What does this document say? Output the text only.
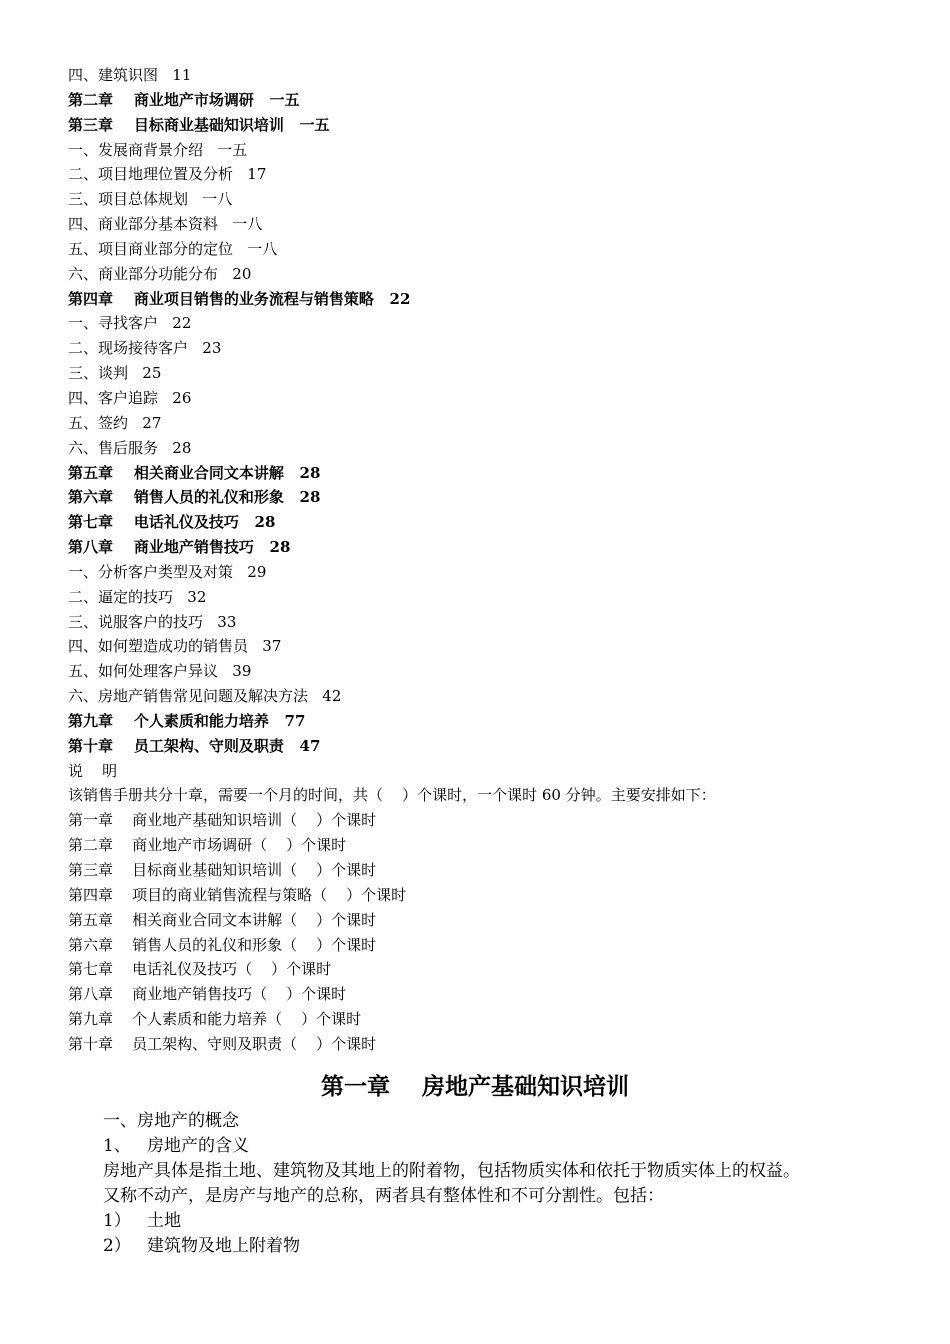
四、建筑识图   11
第二章    商业地产市场调研   一五
第三章    目标商业基础知识培训   一五
一、发展商背景介绍   一五
二、项目地理位置及分析   17
三、项目总体规划   一八
四、商业部分基本资料   一八
五、项目商业部分的定位   一八
六、商业部分功能分布   20
第四章    商业项目销售的业务流程与销售策略   22
一、寻找客户   22
二、现场接待客户   23
三、谈判   25
四、客户追踪   26
五、签约   27
六、售后服务   28
第五章    相关商业合同文本讲解   28
第六章    销售人员的礼仪和形象   28
第七章    电话礼仪及技巧   28
第八章    商业地产销售技巧   28
一、分析客户类型及对策   29
二、逼定的技巧   32
三、说服客户的技巧   33
四、如何塑造成功的销售员   37
五、如何处理客户异议   39
六、房地产销售常见问题及解决方法   42
第九章    个人素质和能力培养   77
第十章    员工架构、守则及职责   47
说    明
该销售手册共分十章，需要一个月的时间，共（    ）个课时，一个课时 60 分钟。主要安排如下：
第一章    商业地产基础知识培训（    ）个课时
第二章    商业地产市场调研（    ）个课时
第三章    目标商业基础知识培训（    ）个课时
第四章    项目的商业销售流程与策略（    ）个课时
第五章    相关商业合同文本讲解（    ）个课时
第六章    销售人员的礼仪和形象（    ）个课时
第七章    电话礼仪及技巧（    ）个课时
第八章    商业地产销售技巧（    ）个课时
第九章    个人素质和能力培养（    ）个课时
第十章    员工架构、守则及职责（    ）个课时
第一章    房地产基础知识培训
一、房地产的概念
1、   房地产的含义
房地产具体是指土地、建筑物及其地上的附着物，包括物质实体和依托于物质实体上的权益。
又称不动产，是房产与地产的总称，两者具有整体性和不可分割性。包括：
1）   土地
2）   建筑物及地上附着物
